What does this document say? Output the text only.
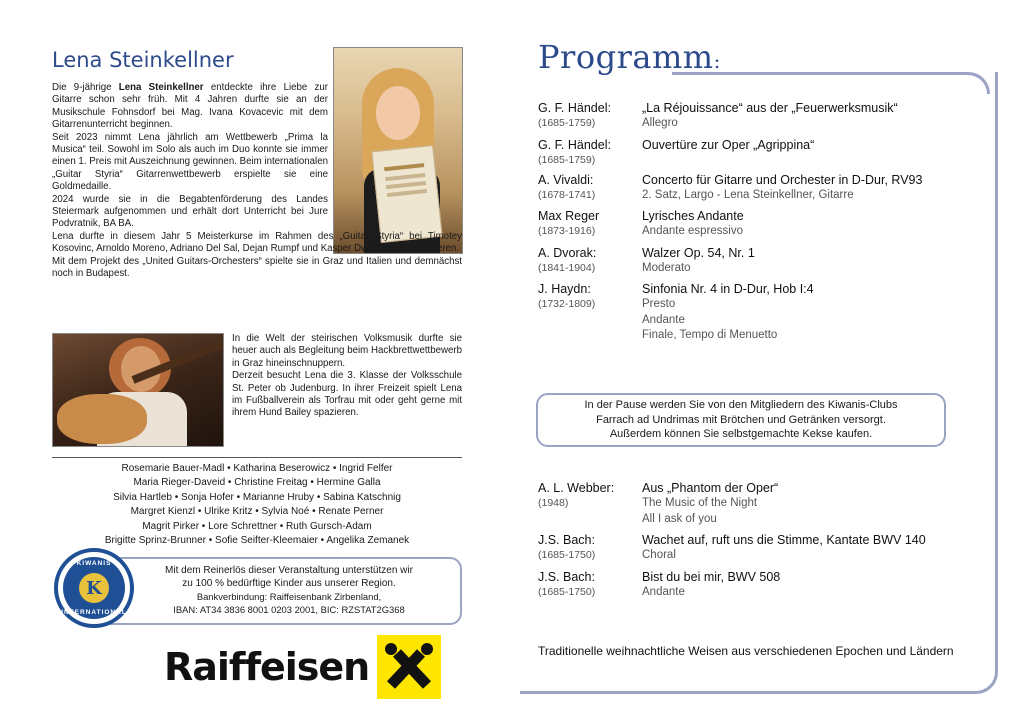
Lena Steinkellner

Die 9-jährige Lena Steinkellner entdeckte ihre Liebe zur Gitarre schon sehr früh. Mit 4 Jahren durfte sie an der Musikschule Fohnsdorf bei Mag. Ivana Kovacevic mit dem Gitarrenunterricht beginnen.

Seit 2023 nimmt Lena jährlich am Wettbewerb „Prima la Musica“ teil. Sowohl im Solo als auch im Duo konnte sie immer einen 1. Preis mit Auszeichnung gewinnen. Beim internationalen „Guitar Styria“ Gitarrenwettbewerb erspielte sie eine Goldmedaille.

2024 wurde sie in die Begabtenförderung des Landes Steiermark aufgenommen und erhält dort Unterricht bei Jure Podvratnik, BA BA.

Lena durfte in diesem Jahr 5 Meisterkurse im Rahmen des „Guitar Styria“ bei Timotey Kosovinc, Arnoldo Moreno, Adriano Del Sal, Dejan Rumpf und Kasper Dworniczak absolvieren.

Mit dem Projekt des „United Guitars-Orchesters“ spielte sie in Graz und Italien und demnächst noch in Budapest.

In die Welt der steirischen Volksmusik durfte sie heuer auch als Begleitung beim Hackbrettwettbewerb in Graz hineinschnuppern.

Derzeit besucht Lena die 3. Klasse der Volksschule St. Peter ob Judenburg. In ihrer Freizeit spielt Lena im Fußballverein als Torfrau mit oder geht gerne mit ihrem Hund Bailey spazieren.

Rosemarie Bauer-Madl • Katharina Beserowicz • Ingrid Felfer
Maria Rieger-Daveid • Christine Freitag • Hermine Galla
Silvia Hartleb • Sonja Hofer • Marianne Hruby • Sabina Katschnig
Margret Kienzl • Ulrike Kritz • Sylvia Noé • Renate Perner
Magrit Pirker • Lore Schrettner • Ruth Gursch-Adam
Brigitte Sprinz-Brunner • Sofie Seifter-Kleemaier • Angelika Zemanek
Mit dem Reinerlös dieser Veranstaltung unterstützen wir
zu 100 % bedürftige Kinder aus unserer Region.
Bankverbindung: Raiffeisenbank Zirbenland,
IBAN: AT34 3836 8001 0203 2001, BIC: RZSTAT2G368
KIWANIS
K
INTERNATIONAL
Raiffeisen
Programm:
G. F. Händel:
(1685-1759)
„La Réjouissance“ aus der „Feuerwerksmusik“
Allegro
G. F. Händel:
(1685-1759)
Ouvertüre zur Oper „Agrippina“
A. Vivaldi:
(1678-1741)
Concerto für Gitarre und Orchester in D-Dur, RV93
2. Satz, Largo - Lena Steinkellner, Gitarre
Max Reger
(1873-1916)
Lyrisches Andante
Andante espressivo
A. Dvorak:
(1841-1904)
Walzer Op. 54, Nr. 1
Moderato
J. Haydn:
(1732-1809)
Sinfonia Nr. 4 in D-Dur, Hob I:4
Presto
Andante
Finale, Tempo di Menuetto
In der Pause werden Sie von den Mitgliedern des Kiwanis-Clubs
Farrach ad Undrimas mit Brötchen und Getränken versorgt.
Außerdem können Sie selbstgemachte Kekse kaufen.
A. L. Webber:
(1948)
Aus „Phantom der Oper“
The Music of the Night
All I ask of you
J.S. Bach:
(1685-1750)
Wachet auf, ruft uns die Stimme, Kantate BWV 140
Choral
J.S. Bach:
(1685-1750)
Bist du bei mir, BWV 508
Andante
Traditionelle weihnachtliche Weisen aus verschiedenen Epochen und Ländern
